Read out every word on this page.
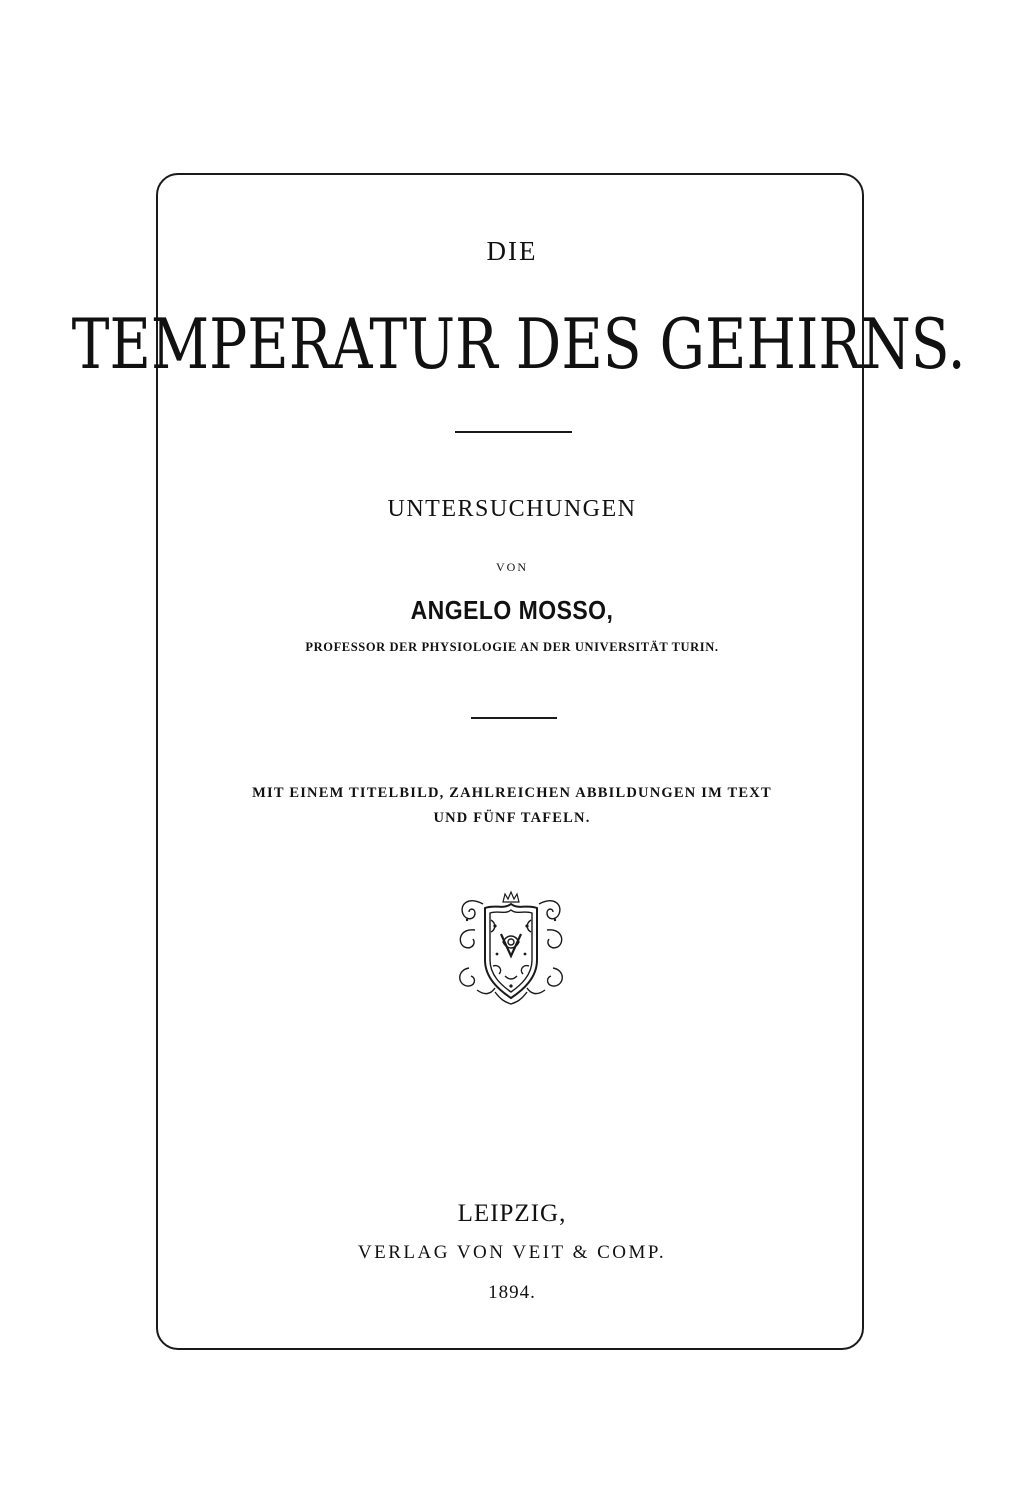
DIE
TEMPERATUR DES GEHIRNS.
UNTERSUCHUNGEN
VON
ANGELO MOSSO,
PROFESSOR DER PHYSIOLOGIE AN DER UNIVERSITÄT TURIN.
MIT EINEM TITELBILD, ZAHLREICHEN ABBILDUNGEN IM TEXT
UND FÜNF TAFELN.
LEIPZIG,
VERLAG VON VEIT & COMP.
1894.
